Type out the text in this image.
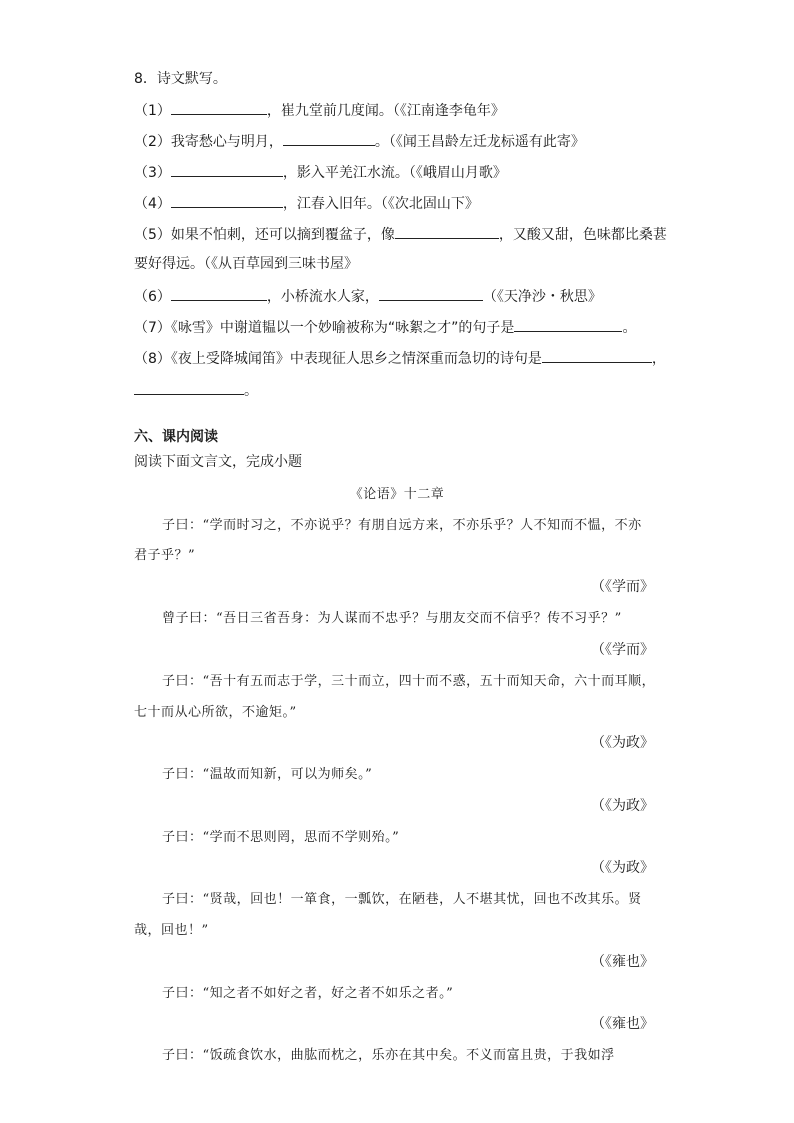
8．诗文默写。
（1）	，崔九堂前几度闻。（《江南逢李龟年》
（2）我寄愁心与明月，	。（《闻王昌龄左迁龙标遥有此寄》
（3）	，影入平羌江水流。（《峨眉山月歌》
（4）	，江春入旧年。（《次北固山下》
（5）如果不怕刺，还可以摘到覆盆子，像	，又酸又甜，色味都比桑葚
要好得远。（《从百草园到三味书屋》
（6）	，小桥流水人家，	（《天净沙・秋思》
（7）《咏雪》中谢道韫以一个妙喻被称为“咏絮之才”的句子是	。
（8）《夜上受降城闻笛》中表现征人思乡之情深重而急切的诗句是	，
。
六、课内阅读
阅读下面文言文，完成小题
《论语》十二章
子曰：“学而时习之，不亦说乎？有朋自远方来，不亦乐乎？人不知而不愠，不亦
君子乎？”
（《学而》
曾子曰：“吾日三省吾身：为人谋而不忠乎？与朋友交而不信乎？传不习乎？”
（《学而》
子曰：“吾十有五而志于学，三十而立，四十而不惑，五十而知天命，六十而耳顺，
七十而从心所欲，不逾矩。”
（《为政》
子曰：“温故而知新，可以为师矣。”
（《为政》
子曰：“学而不思则罔，思而不学则殆。”
（《为政》
子曰：“贤哉，回也！一箪食，一瓢饮，在陋巷，人不堪其忧，回也不改其乐。贤
哉，回也！”
（《雍也》
子曰：“知之者不如好之者，好之者不如乐之者。”
（《雍也》
子曰：“饭疏食饮水，曲肱而枕之，乐亦在其中矣。不义而富且贵，于我如浮
